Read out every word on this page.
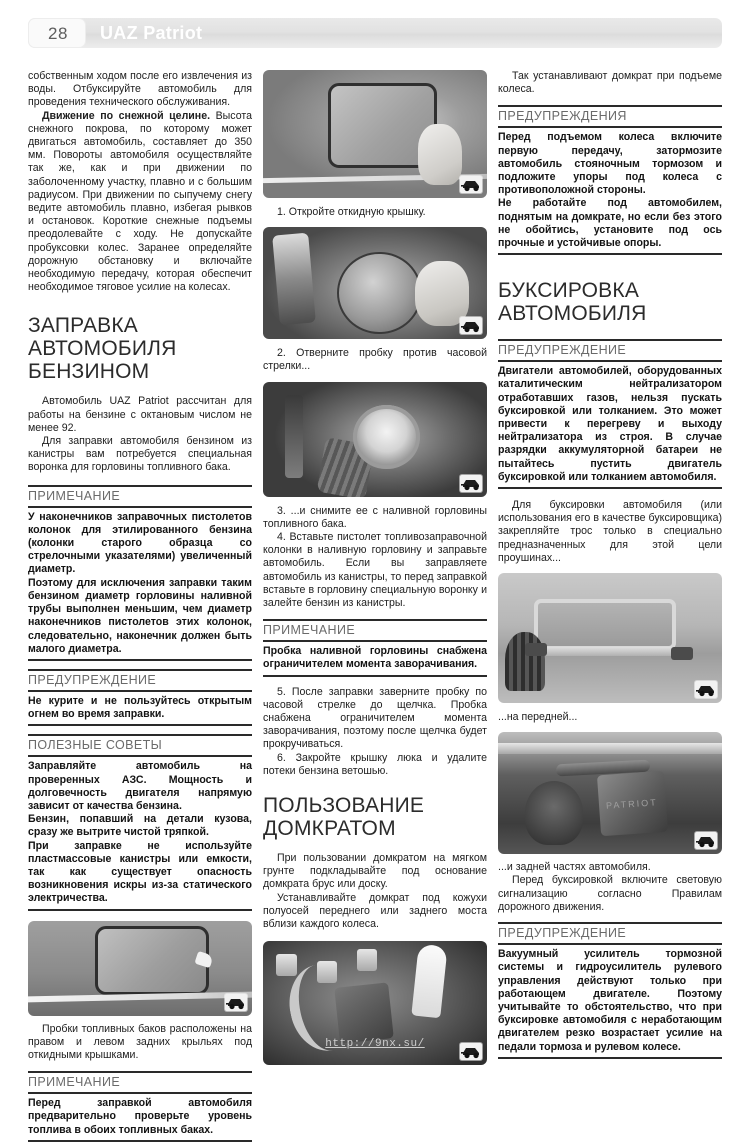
28	UAZ Patriot

собственным ходом после его извлечения из воды. Отбуксируйте автомобиль для проведения технического обслуживания.

Движение по снежной целине. Высота снежного покрова, по которому может двигаться автомобиль, составляет до 350 мм. Повороты автомобиля осуществляйте так же, как и при движении по заболоченному участку, плавно и с большим радиусом. При движении по сыпучему снегу ведите автомобиль плавно, избегая рывков и остановок. Короткие снежные подъемы преодолевайте с ходу. Не допускайте пробуксовки колес. Заранее определяйте дорожную обстановку и включайте необходимую передачу, которая обеспечит необходимое тяговое усилие на колесах.

ЗАПРАВКА АВТОМОБИЛЯ БЕНЗИНОМ

Автомобиль UAZ Patriot рассчитан для работы на бензине с октановым числом не менее 92.

Для заправки автомобиля бензином из канистры вам потребуется специальная воронка для горловины топливного бака.

ПРИМЕЧАНИЕ

У наконечников заправочных пистолетов колонок для этилированного бензина (колонки старого образца со стрелочными указателями) увеличенный диаметр.

Поэтому для исключения заправки таким бензином диаметр горловины наливной трубы выполнен меньшим, чем диаметр наконечников пистолетов этих колонок, следовательно, наконечник должен быть малого диаметра.

ПРЕДУПРЕЖДЕНИЕ

Не курите и не пользуйтесь открытым огнем во время заправки.

ПОЛЕЗНЫЕ СОВЕТЫ

Заправляйте автомобиль на проверенных АЗС. Мощность и долговечность двигателя напрямую зависит от качества бензина.

Бензин, попавший на детали кузова, сразу же вытрите чистой тряпкой.

При заправке не используйте пластмассовые канистры или емкости, так как существует опасность возникновения искры из-за статического электричества.

Пробки топливных баков расположены на правом и левом задних крыльях под откидными крышками.

ПРИМЕЧАНИЕ

Перед заправкой автомобиля предварительно проверьте уровень топлива в обоих топливных баках.

1. Откройте откидную крышку.

2. Отверните пробку против часовой стрелки...

3. ...и снимите ее с наливной горловины топливного бака.

4. Вставьте пистолет топливозаправочной колонки в наливную горловину и заправьте автомобиль. Если вы заправляете автомобиль из канистры, то перед заправкой вставьте в горловину специальную воронку и залейте бензин из канистры.

ПРИМЕЧАНИЕ

Пробка наливной горловины снабжена ограничителем момента заворачивания.

5. После заправки заверните пробку по часовой стрелке до щелчка. Пробка снабжена ограничителем момента заворачивания, поэтому после щелчка будет прокручиваться.

6. Закройте крышку люка и удалите потеки бензина ветошью.

ПОЛЬЗОВАНИЕ ДОМКРАТОМ

При пользовании домкратом на мягком грунте подкладывайте под основание домкрата брус или доску.

Устанавливайте домкрат под кожухи полуосей переднего или заднего моста вблизи каждого колеса.

Так устанавливают домкрат при подъеме колеса.

ПРЕДУПРЕЖДЕНИЯ

Перед подъемом колеса включите первую передачу, затормозите автомобиль стояночным тормозом и подложите упоры под колеса с противоположной стороны.

Не работайте под автомобилем, поднятым на домкрате, но если без этого не обойтись, установите под ось прочные и устойчивые опоры.

БУКСИРОВКА АВТОМОБИЛЯ
ПРЕДУПРЕЖДЕНИЕ

Двигатели автомобилей, оборудованных каталитическим нейтрализатором отработавших газов, нельзя пускать буксировкой или толканием. Это может привести к перегреву и выходу нейтрализатора из строя. В случае разрядки аккумуляторной батареи не пытайтесь пустить двигатель буксировкой или толканием автомобиля.

Для буксировки автомобиля (или использования его в качестве буксировщика) закрепляйте трос только в специально предназначенных для этой цели проушинах...

...на передней...

PATRIOT

...и задней частях автомобиля.

Перед буксировкой включите световую сигнализацию согласно Правилам дорожного движения.

ПРЕДУПРЕЖДЕНИЕ

Вакуумный усилитель тормозной системы и гидроусилитель рулевого управления действуют только при работающем двигателе. Поэтому учитывайте то обстоятельство, что при буксировке автомобиля с неработающим двигателем резко возрастает усилие на педали тормоза и рулевом колесе.

http://9nx.su/
